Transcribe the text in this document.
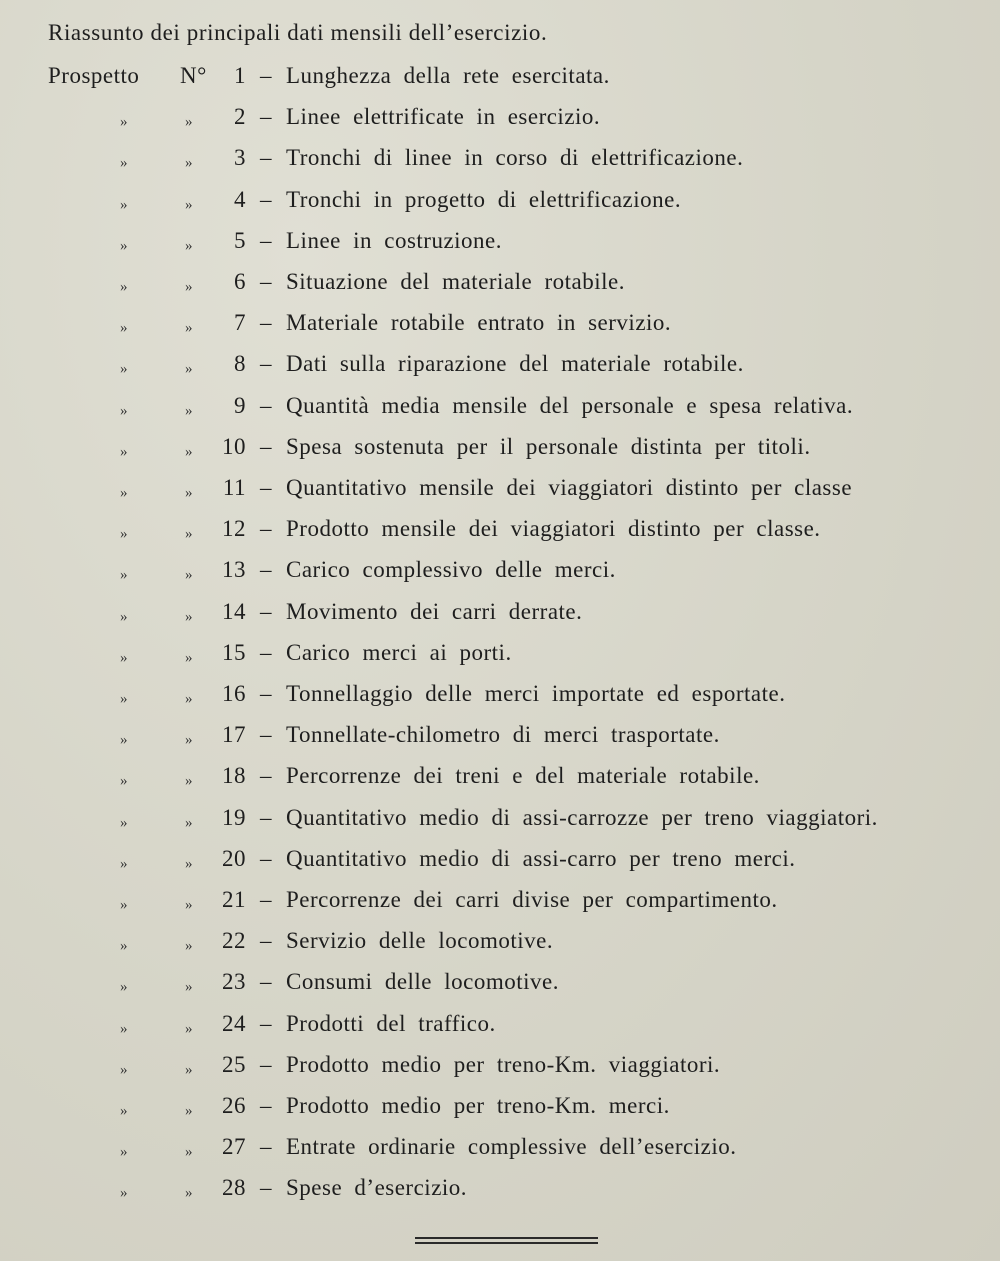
Riassunto dei principali dati mensili dell’esercizio.
Prospetto N°	1 – Lunghezza della rete esercitata.
»	»	2 – Linee elettrificate in esercizio.
»	»	3 – Tronchi di linee in corso di elettrificazione.
»	»	4 – Tronchi in progetto di elettrificazione.
»	»	5 – Linee in costruzione.
»	»	6 – Situazione del materiale rotabile.
»	»	7 – Materiale rotabile entrato in servizio.
»	»	8 – Dati sulla riparazione del materiale rotabile.
»	»	9 – Quantità media mensile del personale e spesa relativa.
»	»	10 – Spesa sostenuta per il personale distinta per titoli.
»	»	11 – Quantitativo mensile dei viaggiatori distinto per classe
»	»	12 – Prodotto mensile dei viaggiatori distinto per classe.
»	»	13 – Carico complessivo delle merci.
»	»	14 – Movimento dei carri derrate.
»	»	15 – Carico merci ai porti.
»	»	16 – Tonnellaggio delle merci importate ed esportate.
»	»	17 – Tonnellate-chilometro di merci trasportate.
»	»	18 – Percorrenze dei treni e del materiale rotabile.
»	»	19 – Quantitativo medio di assi-carrozze per treno viaggiatori.
»	»	20 – Quantitativo medio di assi-carro per treno merci.
»	»	21 – Percorrenze dei carri divise per compartimento.
»	»	22 – Servizio delle locomotive.
»	»	23 – Consumi delle locomotive.
»	»	24 – Prodotti del traffico.
»	»	25 – Prodotto medio per treno-Km. viaggiatori.
»	»	26 – Prodotto medio per treno-Km. merci.
»	»	27 – Entrate ordinarie complessive dell’esercizio.
»	»	28 – Spese d’esercizio.
